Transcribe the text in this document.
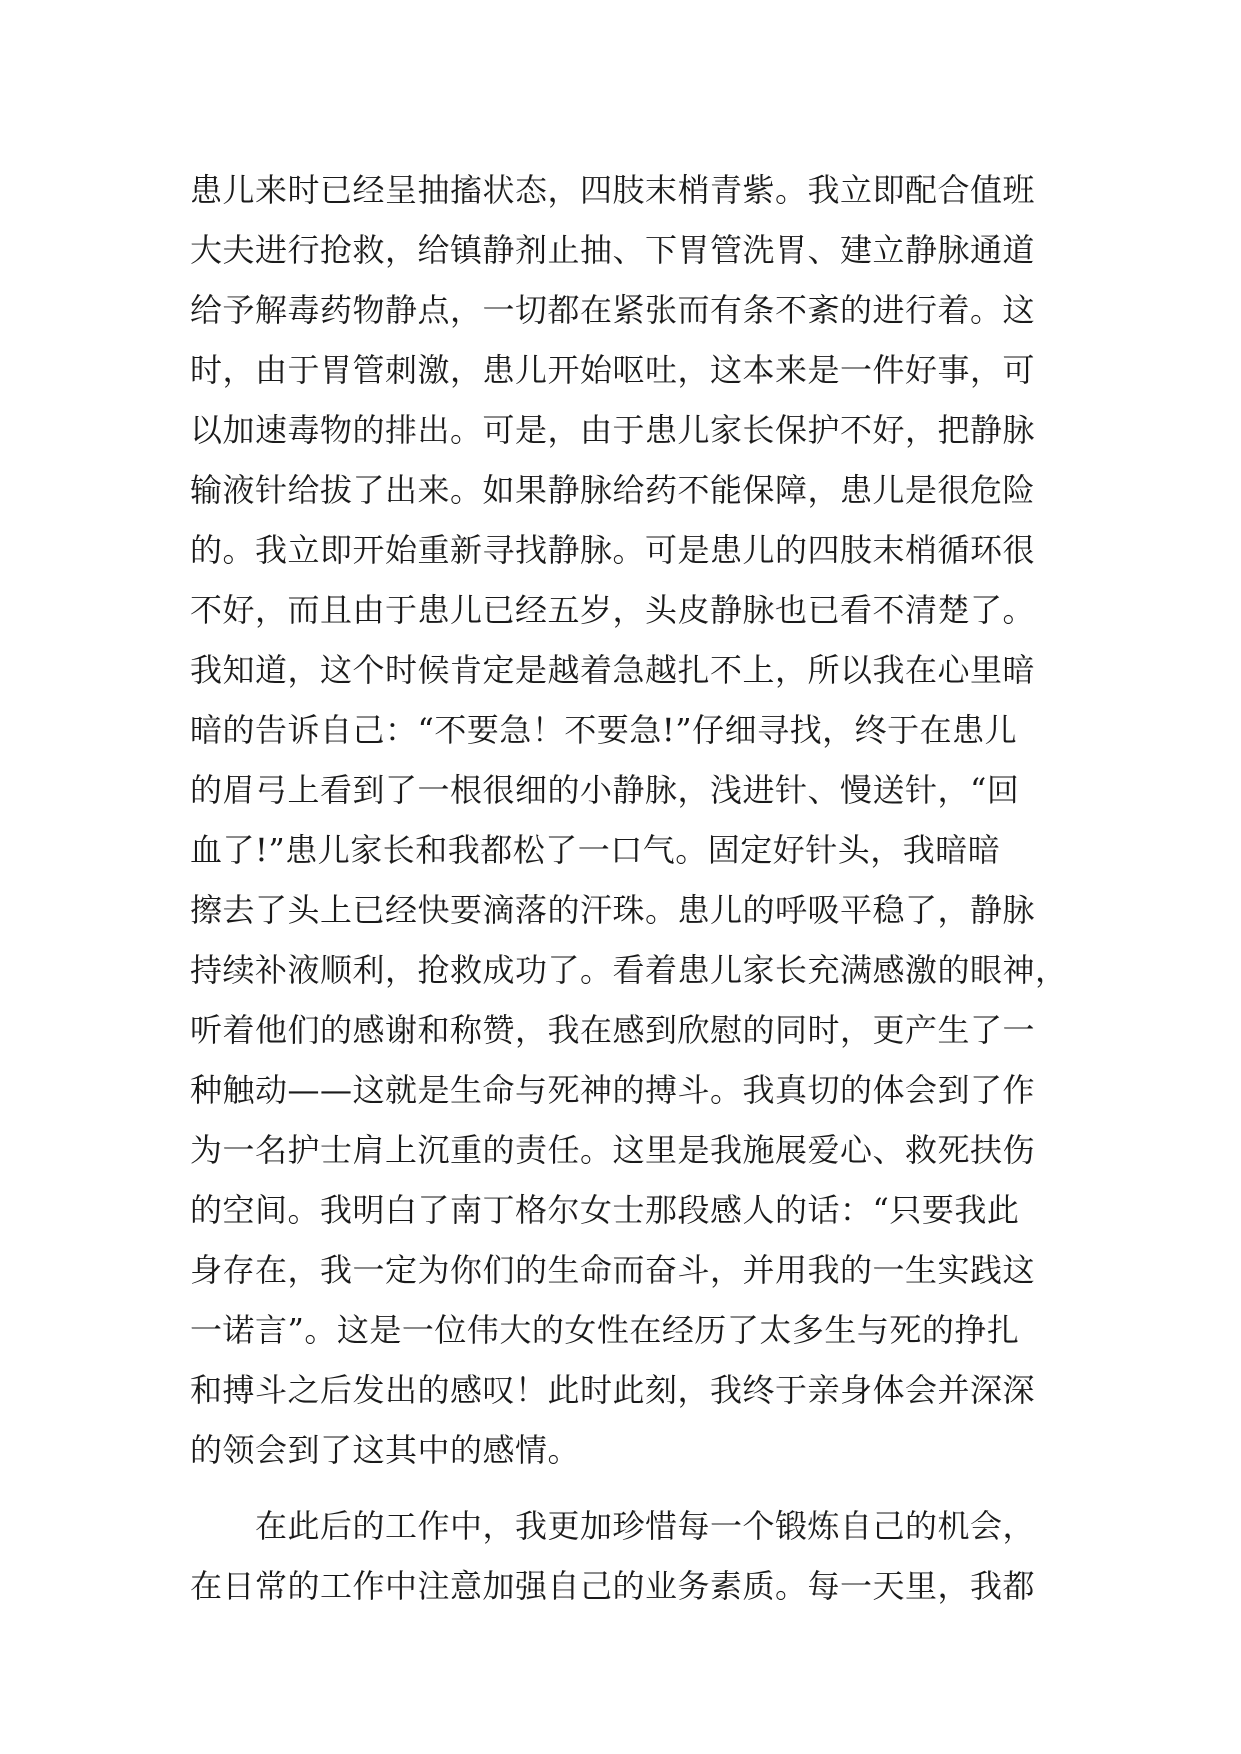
患儿来时已经呈抽搐状态，四肢末梢青紫。我立即配合值班
大夫进行抢救，给镇静剂止抽、下胃管洗胃、建立静脉通道
给予解毒药物静点，一切都在紧张而有条不紊的进行着。这
时，由于胃管刺激，患儿开始呕吐，这本来是一件好事，可
以加速毒物的排出。可是，由于患儿家长保护不好，把静脉
输液针给拔了出来。如果静脉给药不能保障，患儿是很危险
的。我立即开始重新寻找静脉。可是患儿的四肢末梢循环很
不好，而且由于患儿已经五岁，头皮静脉也已看不清楚了。
我知道，这个时候肯定是越着急越扎不上，所以我在心里暗
暗的告诉自己：“不要急！不要急!”仔细寻找，终于在患儿
的眉弓上看到了一根很细的小静脉，浅进针、慢送针，“回
血了!”患儿家长和我都松了一口气。固定好针头，我暗暗
擦去了头上已经快要滴落的汗珠。患儿的呼吸平稳了，静脉
持续补液顺利，抢救成功了。看着患儿家长充满感激的眼神，
听着他们的感谢和称赞，我在感到欣慰的同时，更产生了一
种触动——这就是生命与死神的搏斗。我真切的体会到了作
为一名护士肩上沉重的责任。这里是我施展爱心、救死扶伤
的空间。我明白了南丁格尔女士那段感人的话：“只要我此
身存在，我一定为你们的生命而奋斗，并用我的一生实践这
一诺言”。这是一位伟大的女性在经历了太多生与死的挣扎
和搏斗之后发出的感叹！此时此刻，我终于亲身体会并深深
的领会到了这其中的感情。
　　在此后的工作中，我更加珍惜每一个锻炼自己的机会，
在日常的工作中注意加强自己的业务素质。每一天里，我都
